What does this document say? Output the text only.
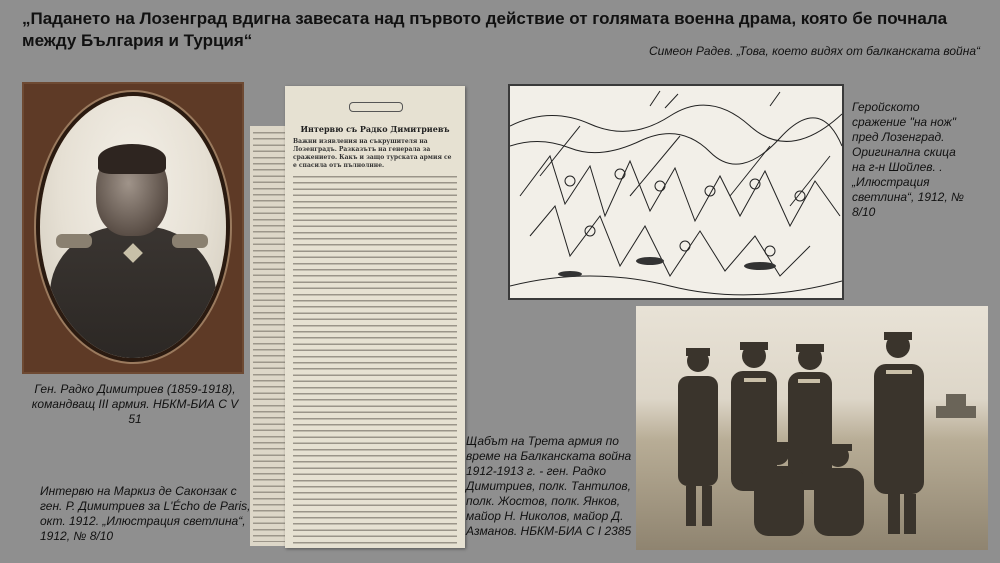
„Падането на Лозенград вдигна завесата над първото действие от голямата военна драма, която бе почнала между България и Турция“
Симеон Радев. „Това, което видях от балканската война“
Ген. Радко Димитриев (1859-1918), командващ III армия. НБКМ-БИА С V 51
Интервю съ Радко Димитриевъ
Важни изявления на съкрушителя на Лозенградъ. Разказътъ на генерала за сражението. Какъ и защо турската армия се е спасила отъ пълнолнне.
Интервю на Маркиз де Саконзак с ген. Р. Димитриев за L'Écho de Paris, окт. 1912. „Илюстрация светлина“, 1912, № 8/10
Геройското сражение "на нож" пред Лозенград. Оригинална скица на г-н Шойлев. . „Илюстрация светлина“, 1912, № 8/10
Щабът на Трета армия по време на Балканската война 1912-1913 г. - ген. Радко Димитриев, полк. Тантилов, полк. Жостов, полк. Янков, майор Н. Николов, майор Д. Азманов. НБКМ-БИА С I 2385
